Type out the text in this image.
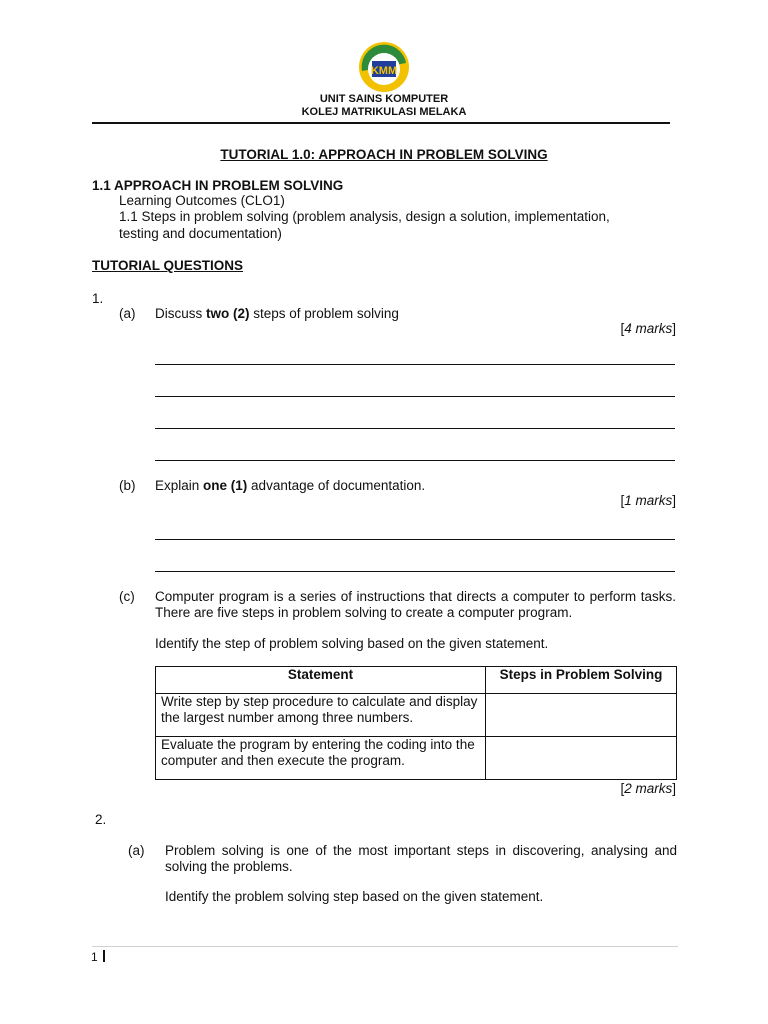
KMM
UNIT SAINS KOMPUTER
KOLEJ MATRIKULASI MELAKA
TUTORIAL 1.0: APPROACH IN PROBLEM SOLVING
1.1 APPROACH IN PROBLEM SOLVING
Learning Outcomes (CLO1)
1.1 Steps in problem solving (problem analysis, design a solution, implementation,
testing and documentation)
TUTORIAL QUESTIONS
1.
(a) Discuss two (2) steps of problem solving
[4 marks]
(b) Explain one (1) advantage of documentation.
[1 marks]
(c) Computer program is a series of instructions that directs a computer to perform tasks. There are five steps in problem solving to create a computer program.
Identify the step of problem solving based on the given statement.
Statement	Steps in Problem Solving
Write step by step procedure to calculate and display the largest number among three numbers.	
Evaluate the program by entering the coding into the computer and then execute the program.	
[2 marks]
2.
(a) Problem solving is one of the most important steps in discovering, analysing and solving the problems.
Identify the problem solving step based on the given statement.
1
